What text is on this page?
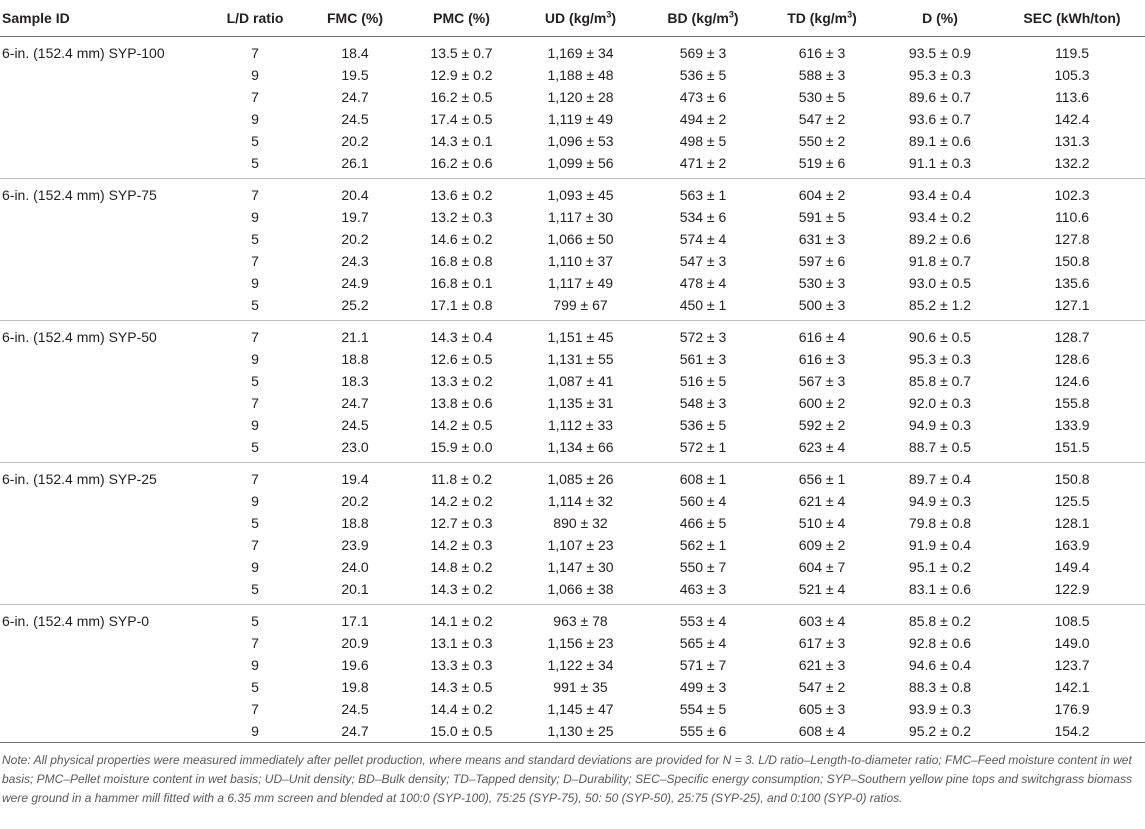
Sample ID	L/D ratio	FMC (%)	PMC (%)	UD $(kg/m^3)$	BD $(kg/m^3)$	TD $(kg/m^3)$	D (%)	SEC (kWh/ton)
6-in. (152.4 mm) SYP-100	7	18.4	13.5 ± 0.7	1,169 ± 34	569 ± 3	616 ± 3	93.5 ± 0.9	119.5
	9	19.5	12.9 ± 0.2	1,188 ± 48	536 ± 5	588 ± 3	95.3 ± 0.3	105.3
	7	24.7	16.2 ± 0.5	1,120 ± 28	473 ± 6	530 ± 5	89.6 ± 0.7	113.6
	9	24.5	17.4 ± 0.5	1,119 ± 49	494 ± 2	547 ± 2	93.6 ± 0.7	142.4
	5	20.2	14.3 ± 0.1	1,096 ± 53	498 ± 5	550 ± 2	89.1 ± 0.6	131.3
	5	26.1	16.2 ± 0.6	1,099 ± 56	471 ± 2	519 ± 6	91.1 ± 0.3	132.2
6-in. (152.4 mm) SYP-75	7	20.4	13.6 ± 0.2	1,093 ± 45	563 ± 1	604 ± 2	93.4 ± 0.4	102.3
	9	19.7	13.2 ± 0.3	1,117 ± 30	534 ± 6	591 ± 5	93.4 ± 0.2	110.6
	5	20.2	14.6 ± 0.2	1,066 ± 50	574 ± 4	631 ± 3	89.2 ± 0.6	127.8
	7	24.3	16.8 ± 0.8	1,110 ± 37	547 ± 3	597 ± 6	91.8 ± 0.7	150.8
	9	24.9	16.8 ± 0.1	1,117 ± 49	478 ± 4	530 ± 3	93.0 ± 0.5	135.6
	5	25.2	17.1 ± 0.8	799 ± 67	450 ± 1	500 ± 3	85.2 ± 1.2	127.1
6-in. (152.4 mm) SYP-50	7	21.1	14.3 ± 0.4	1,151 ± 45	572 ± 3	616 ± 4	90.6 ± 0.5	128.7
	9	18.8	12.6 ± 0.5	1,131 ± 55	561 ± 3	616 ± 3	95.3 ± 0.3	128.6
	5	18.3	13.3 ± 0.2	1,087 ± 41	516 ± 5	567 ± 3	85.8 ± 0.7	124.6
	7	24.7	13.8 ± 0.6	1,135 ± 31	548 ± 3	600 ± 2	92.0 ± 0.3	155.8
	9	24.5	14.2 ± 0.5	1,112 ± 33	536 ± 5	592 ± 2	94.9 ± 0.3	133.9
	5	23.0	15.9 ± 0.0	1,134 ± 66	572 ± 1	623 ± 4	88.7 ± 0.5	151.5
6-in. (152.4 mm) SYP-25	7	19.4	11.8 ± 0.2	1,085 ± 26	608 ± 1	656 ± 1	89.7 ± 0.4	150.8
	9	20.2	14.2 ± 0.2	1,114 ± 32	560 ± 4	621 ± 4	94.9 ± 0.3	125.5
	5	18.8	12.7 ± 0.3	890 ± 32	466 ± 5	510 ± 4	79.8 ± 0.8	128.1
	7	23.9	14.2 ± 0.3	1,107 ± 23	562 ± 1	609 ± 2	91.9 ± 0.4	163.9
	9	24.0	14.8 ± 0.2	1,147 ± 30	550 ± 7	604 ± 7	95.1 ± 0.2	149.4
	5	20.1	14.3 ± 0.2	1,066 ± 38	463 ± 3	521 ± 4	83.1 ± 0.6	122.9
6-in. (152.4 mm) SYP-0	5	17.1	14.1 ± 0.2	963 ± 78	553 ± 4	603 ± 4	85.8 ± 0.2	108.5
	7	20.9	13.1 ± 0.3	1,156 ± 23	565 ± 4	617 ± 3	92.8 ± 0.6	149.0
	9	19.6	13.3 ± 0.3	1,122 ± 34	571 ± 7	621 ± 3	94.6 ± 0.4	123.7
	5	19.8	14.3 ± 0.5	991 ± 35	499 ± 3	547 ± 2	88.3 ± 0.8	142.1
	7	24.5	14.4 ± 0.2	1,145 ± 47	554 ± 5	605 ± 3	93.9 ± 0.3	176.9
	9	24.7	15.0 ± 0.5	1,130 ± 25	555 ± 6	608 ± 4	95.2 ± 0.2	154.2

Note: All physical properties were measured immediately after pellet production, where means and standard deviations are provided for N = 3. L/D ratio–Length-to-diameter ratio; FMC–Feed moisture content in wet basis; PMC–Pellet moisture content in wet basis; UD–Unit density; BD–Bulk density; TD–Tapped density; D–Durability; SEC–Specific energy consumption; SYP–Southern yellow pine tops and switchgrass biomass were ground in a hammer mill fitted with a 6.35 mm screen and blended at 100:0 (SYP-100), 75:25 (SYP-75), 50: 50 (SYP-50), 25:75 (SYP-25), and 0:100 (SYP-0) ratios.
